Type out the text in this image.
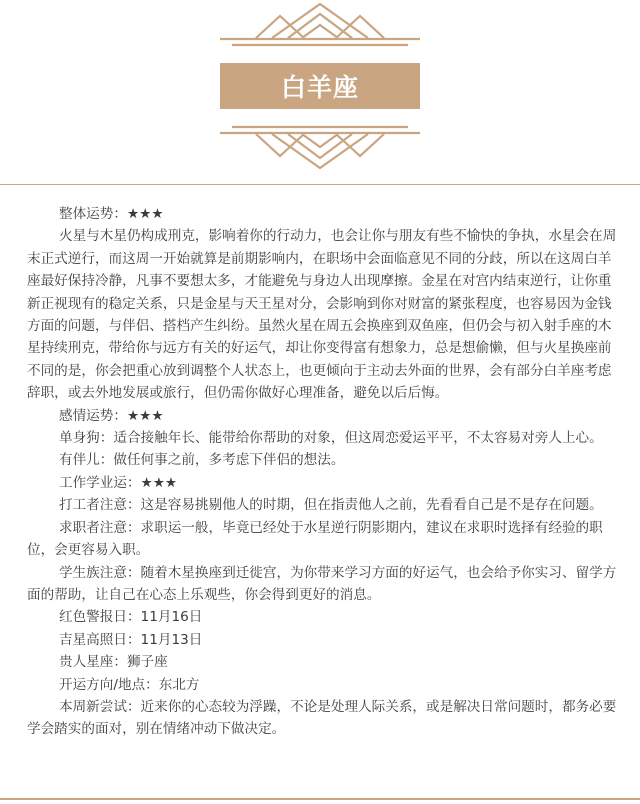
白羊座

整体运势：★★★

火星与木星仍构成刑克，影响着你的行动力，也会让你与朋友有些不愉快的争执，水星会在周末正式逆行，而这周一开始就算是前期影响内，在职场中会面临意见不同的分歧，所以在这周白羊座最好保持冷静，凡事不要想太多，才能避免与身边人出现摩擦。金星在对宫内结束逆行，让你重新正视现有的稳定关系，只是金星与天王星对分，会影响到你对财富的紧张程度，也容易因为金钱方面的问题，与伴侣、搭档产生纠纷。虽然火星在周五会换座到双鱼座，但仍会与初入射手座的木星持续刑克，带给你与远方有关的好运气，却让你变得富有想象力，总是想偷懒，但与火星换座前不同的是，你会把重心放到调整个人状态上，也更倾向于主动去外面的世界，会有部分白羊座考虑辞职，或去外地发展或旅行，但仍需你做好心理准备，避免以后后悔。

感情运势：★★★

单身狗：适合接触年长、能带给你帮助的对象，但这周恋爱运平平，不太容易对旁人上心。

有伴儿：做任何事之前，多考虑下伴侣的想法。

工作学业运：★★★

打工者注意：这是容易挑剔他人的时期，但在指责他人之前，先看看自己是不是存在问题。

求职者注意：求职运一般，毕竟已经处于水星逆行阴影期内，建议在求职时选择有经验的职位，会更容易入职。

学生族注意：随着木星换座到迁徙宫，为你带来学习方面的好运气，也会给予你实习、留学方面的帮助，让自己在心态上乐观些，你会得到更好的消息。

红色警报日：11月16日

吉星高照日：11月13日

贵人星座：狮子座

开运方向/地点：东北方

本周新尝试：近来你的心态较为浮躁，不论是处理人际关系，或是解决日常问题时，都务必要学会踏实的面对，别在情绪冲动下做决定。
